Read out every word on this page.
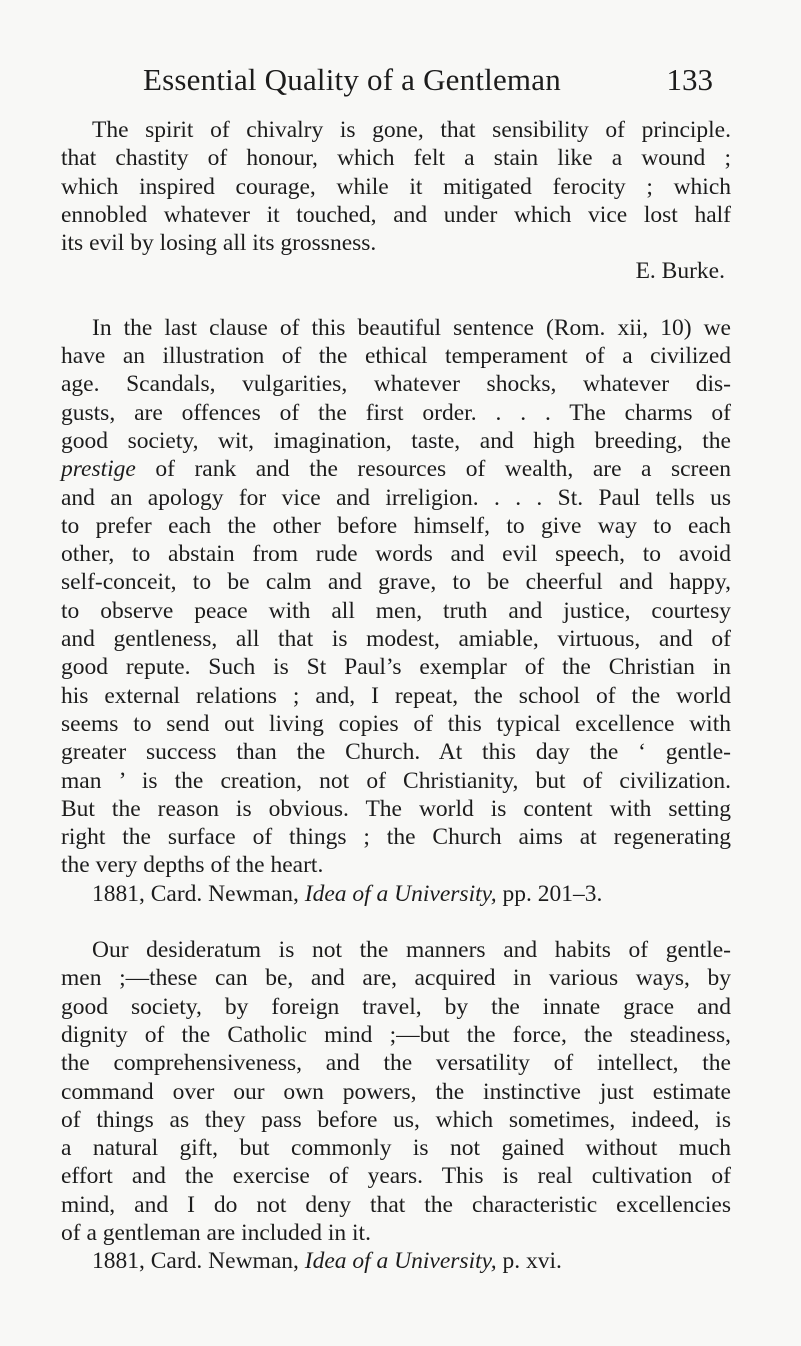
Essential Quality of a Gentleman	133
The spirit of chivalry is gone, that sensibility of principle.
that chastity of honour, which felt a stain like a wound ;
which inspired courage, while it mitigated ferocity ; which
ennobled whatever it touched, and under which vice lost half
its evil by losing all its grossness.
E. Burke.
In the last clause of this beautiful sentence (Rom. xii, 10) we
have an illustration of the ethical temperament of a civilized
age. Scandals, vulgarities, whatever shocks, whatever dis-
gusts, are offences of the first order. . . . The charms of
good society, wit, imagination, taste, and high breeding, the
prestige of rank and the resources of wealth, are a screen
and an apology for vice and irreligion. . . . St. Paul tells us
to prefer each the other before himself, to give way to each
other, to abstain from rude words and evil speech, to avoid
self-conceit, to be calm and grave, to be cheerful and happy,
to observe peace with all men, truth and justice, courtesy
and gentleness, all that is modest, amiable, virtuous, and of
good repute. Such is St Paul’s exemplar of the Christian in
his external relations ; and, I repeat, the school of the world
seems to send out living copies of this typical excellence with
greater success than the Church. At this day the ‘ gentle-
man ’ is the creation, not of Christianity, but of civilization.
But the reason is obvious. The world is content with setting
right the surface of things ; the Church aims at regenerating
the very depths of the heart.
1881, Card. Newman, Idea of a University, pp. 201–3.
Our desideratum is not the manners and habits of gentle-
men ;—these can be, and are, acquired in various ways, by
good society, by foreign travel, by the innate grace and
dignity of the Catholic mind ;—but the force, the steadiness,
the comprehensiveness, and the versatility of intellect, the
command over our own powers, the instinctive just estimate
of things as they pass before us, which sometimes, indeed, is
a natural gift, but commonly is not gained without much
effort and the exercise of years. This is real cultivation of
mind, and I do not deny that the characteristic excellencies
of a gentleman are included in it.
1881, Card. Newman, Idea of a University, p. xvi.
